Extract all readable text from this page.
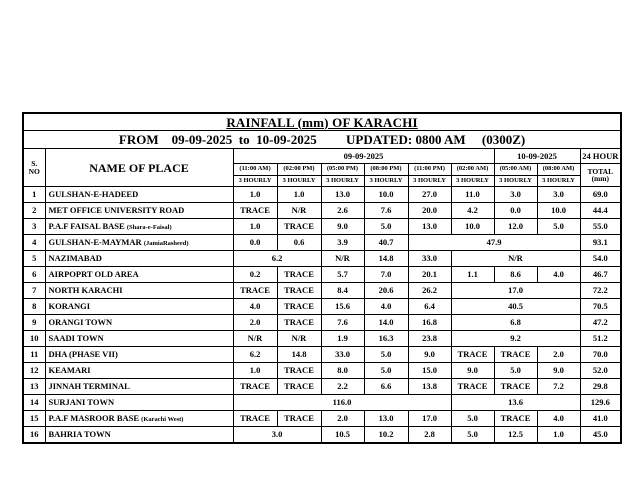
RAINFALL (mm) OF KARACHI										
FROM 09-09-2025 to 10-09-2025 UPDATED: 0800 AM (0300Z)										
S.
NO	NAME OF PLACE	09-09-2025						10-09-2025		24 HOUR
		(11:00 AM)	(02:00 PM)	(05:00 PM)	(08:00 PM)	(11:00 PM)	(02:00 AM)	(05:00 AM)	(08:00 AM)	TOTAL
(mm)
		3 HOURLY	3 HOURLY	3 HOURLY	3 HOURLY	3 HOURLY	3 HOURLY	3 HOURLY	3 HOURLY	
1	GULSHAN-E-HADEED	1.0	1.0	13.0	10.0	27.0	11.0	3.0	3.0	69.0
2	MET OFFICE UNIVERSITY ROAD	TRACE	N/R	2.6	7.6	20.0	4.2	0.0	10.0	44.4
3	P.A.F FAISAL BASE (Shara-e-Faisal)	1.0	TRACE	9.0	5.0	13.0	10.0	12.0	5.0	55.0
4	GULSHAN-E-MAYMAR (JamiaRasheed)	0.0	0.6	3.9	40.7	47.9				93.1
5	NAZIMABAD	6.2		N/R	14.8	33.0	N/R			54.0
6	AIRPOPRT OLD AREA	0.2	TRACE	5.7	7.0	20.1	1.1	8.6	4.0	46.7
7	NORTH KARACHI	TRACE	TRACE	8.4	20.6	26.2	17.0			72.2
8	KORANGI	4.0	TRACE	15.6	4.0	6.4	40.5			70.5
9	ORANGI TOWN	2.0	TRACE	7.6	14.0	16.8	6.8			47.2
10	SAADI TOWN	N/R	N/R	1.9	16.3	23.8	9.2			51.2
11	DHA (PHASE VII)	6.2	14.8	33.0	5.0	9.0	TRACE	TRACE	2.0	70.0
12	KEAMARI	1.0	TRACE	8.0	5.0	15.0	9.0	5.0	9.0	52.0
13	JINNAH TERMINAL	TRACE	TRACE	2.2	6.6	13.8	TRACE	TRACE	7.2	29.8
14	SURJANI TOWN	116.0					13.6			129.6
15	P.A.F MASROOR BASE (Karachi West)	TRACE	TRACE	2.0	13.0	17.0	5.0	TRACE	4.0	41.0
16	BAHRIA TOWN	3.0		10.5	10.2	2.8	5.0	12.5	1.0	45.0
